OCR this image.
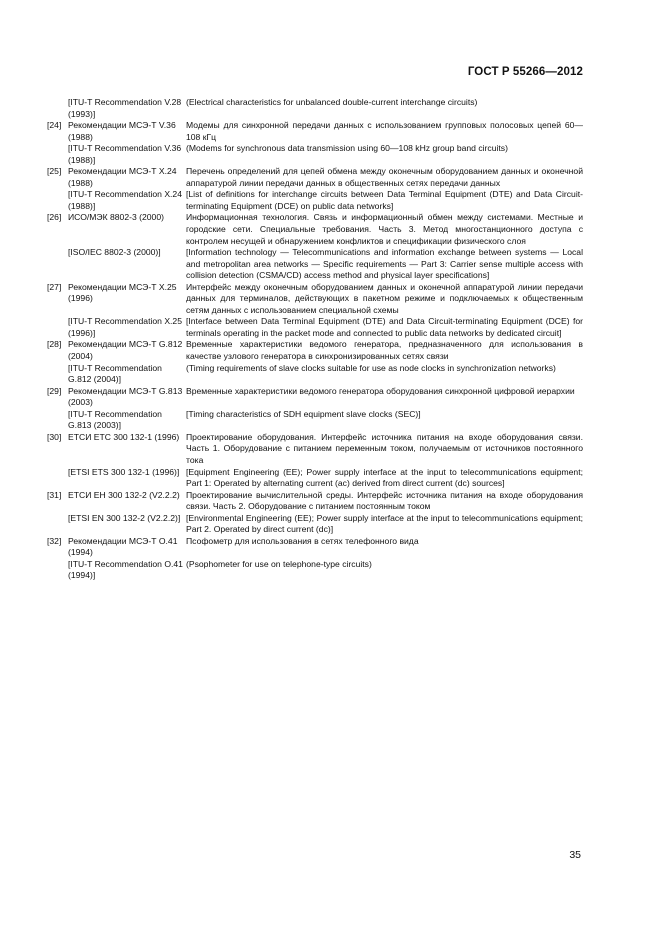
ГОСТ Р 55266—2012
[ITU-T Recommendation V.28 (1993)]
(Electrical characteristics for unbalanced double-current interchange circuits)
[24] Рекомендации МСЭ-Т V.36 (1988)
Модемы для синхронной передачи данных с использованием групповых полосовых цепей 60—108 кГц
[ITU-T Recommendation V.36 (1988)]
(Modems for synchronous data transmission using 60—108 kHz group band circuits)
[25] Рекомендации МСЭ-Т X.24 (1988)
Перечень определений для цепей обмена между оконечным оборудованием данных и оконечной аппаратурой линии передачи данных в общественных сетях передачи данных
[ITU-T Recommendation X.24 (1988)]
[List of definitions for interchange circuits between Data Terminal Equipment (DTE) and Data Circuit-terminating Equipment (DCE) on public data networks]
[26] ИСО/МЭК 8802-3 (2000)	Информационная технология. Связь и информационный обмен между системами. Местные и городские сети. Специальные требования. Часть 3. Метод многостанционного доступа с контролем несущей и обнаружением конфликтов и спецификации физического слоя
[ISO/IEC 8802-3 (2000)]	[Information technology — Telecommunications and information exchange between systems — Local and metropolitan area networks — Specific requirements — Part 3: Carrier sense multiple access with collision detection (CSMA/CD) access method and physical layer specifications]
[27] Рекомендации МСЭ-Т X.25 (1996)
Интерфейс между оконечным оборудованием данных и оконечной аппаратурой линии передачи данных для терминалов, действующих в пакетном режиме и подключаемых к общественным сетям данных с использованием специальной схемы
[ITU-T Recommendation X.25 (1996)]
[Interface between Data Terminal Equipment (DTE) and Data Circuit-terminating Equipment (DCE) for terminals operating in the packet mode and connected to public data networks by dedicated circuit]
[28] Рекомендации МСЭ-Т G.812 (2004)
Временные характеристики ведомого генератора, предназначенного для использования в качестве узлового генератора в синхронизированных сетях связи
[ITU-T Recommendation G.812 (2004)]
(Timing requirements of slave clocks suitable for use as node clocks in synchronization networks)
[29] Рекомендации МСЭ-Т G.813 (2003)
Временные характеристики ведомого генератора оборудования синхронной цифровой иерархии
[ITU-T Recommendation G.813 (2003)]
[Timing characteristics of SDH equipment slave clocks (SEC)]
[30] ЕТСИ ЕТС 300 132-1 (1996) Проектирование оборудования. Интерфейс источника питания на входе оборудования связи. Часть 1. Оборудование с питанием переменным током, получаемым от источников постоянного тока
[ETSI ETS 300 132-1 (1996)] [Equipment Engineering (EE); Power supply interface at the input to telecommunications equipment; Part 1: Operated by alternating current (ac) derived from direct current (dc) sources]
[31] ЕТСИ ЕН 300 132-2 (V2.2.2) Проектирование вычислительной среды. Интерфейс источника питания на входе оборудования связи. Часть 2. Оборудование с питанием постоянным током
[ETSI EN 300 132-2 (V2.2.2)] [Environmental Engineering (EE); Power supply interface at the input to telecommunications equipment; Part 2. Operated by direct current (dc)]
[32] Рекомендации МСЭ-Т O.41 (1994)
Псофометр для использования в сетях телефонного вида
[ITU-T Recommendation O.41 (1994)]
(Psophometer for use on telephone-type circuits)
35
